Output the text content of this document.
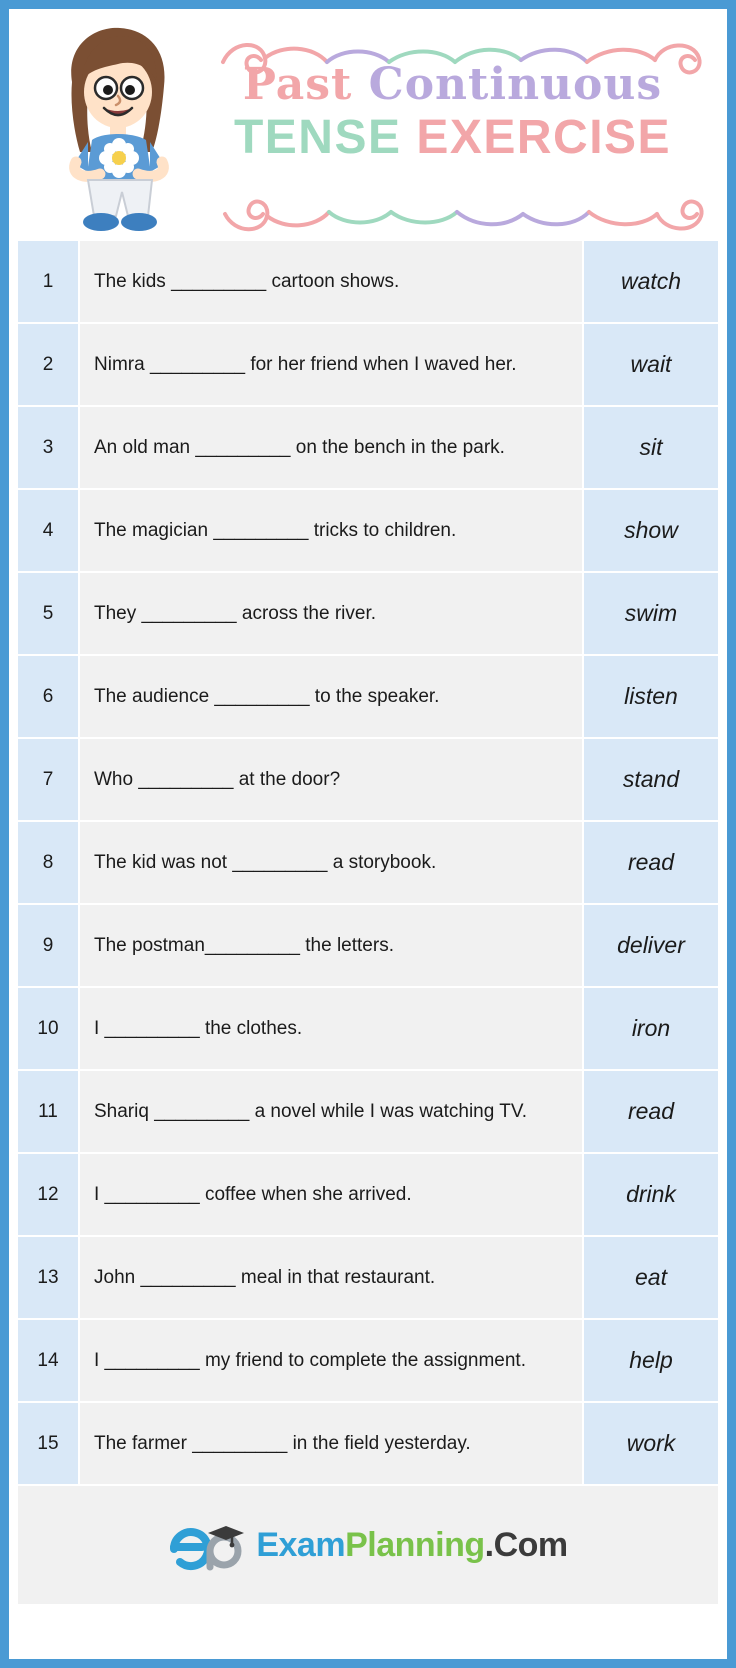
Past Continuous
TENSE EXERCISE
1	The kids _________ cartoon shows.	watch
2	Nimra _________ for her friend when I waved her.	wait
3	An old man _________ on the bench in the park.	sit
4	The magician _________ tricks to children.	show
5	They _________ across the river.	swim
6	The audience _________ to the speaker.	listen
7	Who _________ at the door?	stand
8	The kid was not _________ a storybook.	read
9	The postman_________ the letters.	deliver
10	I _________ the clothes.	iron
11	Shariq _________ a novel while I was watching TV.	read
12	I _________ coffee when she arrived.	drink
13	John _________ meal in that restaurant.	eat
14	I _________ my friend to complete the assignment.	help
15	The farmer _________ in the field yesterday.	work
ExamPlanning.Com
